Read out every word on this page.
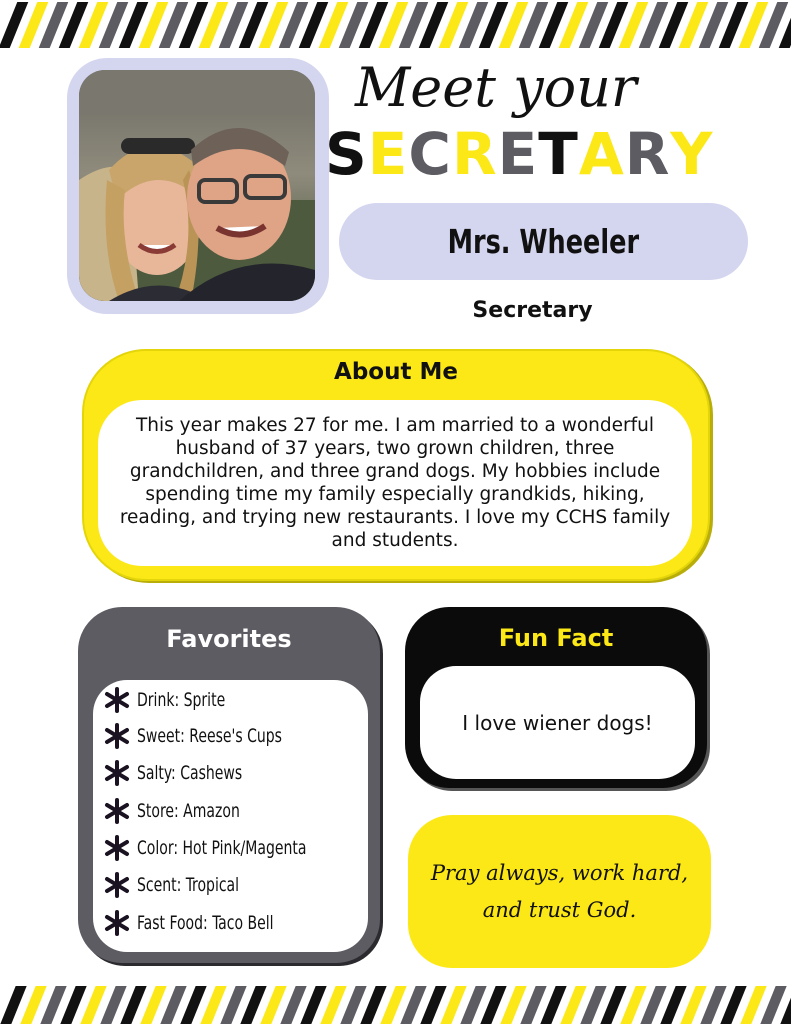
Meet your
SECRETARY
Mrs. Wheeler
Secretary
About Me

This year makes 27 for me. I am married to a wonderful husband of 37 years, two grown children, three grandchildren, and three grand dogs. My hobbies include spending time my family especially grandkids, hiking, reading, and trying new restaurants. I love my CCHS family and students.

Favorites
Drink: Sprite
Sweet: Reese's Cups
Salty: Cashews
Store: Amazon
Color: Hot Pink/Magenta
Scent: Tropical
Fast Food: Taco Bell
Fun Fact
I love wiener dogs!
Pray always, work hard,
and trust God.
